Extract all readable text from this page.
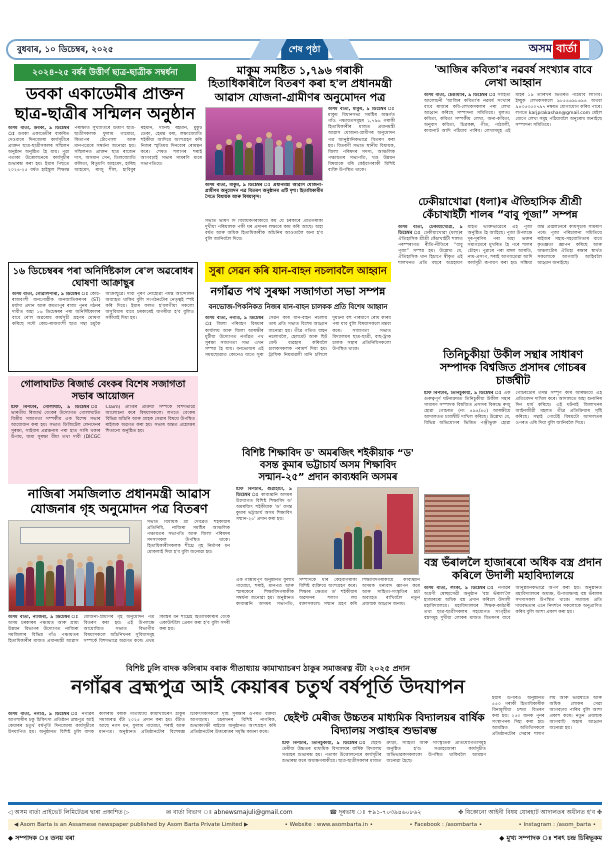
বুধবাৰ, ১০ ডিচেম্বৰ, ২০২৫	শেষ পৃষ্ঠা	অসম বাৰ্তা
২০২৪-২৫ বৰ্ষৰ উত্তীৰ্ণ ছাত্ৰ-ছাত্ৰীক সম্বৰ্ধনা
ডবকা একাডেমীৰ প্ৰাক্তন ছাত্ৰ-ছাত্ৰীৰ সন্মিলন অনুষ্ঠান
অসম বাৰ্তা, ডবকা, ৯ ডিচেম্বৰ ঃ ডবকা একাডেমীৰ বাকৰিত দেওবাৰে দিনজোৰা কাৰ্যসূচীৰে প্ৰাক্তন ছাত্ৰ-ছাত্ৰীসকলৰ সন্মিলন অনুষ্ঠান অনুষ্ঠিত হৈ যায়। পুৱা পতাকা উত্তোলনেৰে কাৰ্যসূচীৰ শুভাৰম্ভ কৰা হয়। ইয়াৰ পিছতে ২০২৪-২৫ বৰ্ষত হাইস্কুল শিক্ষান্ত পৰীক্ষাত সুখ্যাতিৰে উত্তীৰ্ণ ছাত্ৰ-ছাত্ৰীসকলক ফুলাম গামোচা, কিতাপৰ টোপোলা আৰু মানপত্ৰেৰে সম্বৰ্ধনা জনোৱা হয়। সন্মিলনত প্ৰাক্তন ছাত্ৰ ৰাজেন দাস, অসমান সেন, তিলজ্যোতি কলিতা, ৰিতুমণি আহমেদ, হাৰিছ আহমেদ, ৰাজু শীল, হাবিবুৰ ৰহমান, দানিছ ৰহমান, মুকুট ডেকা, হেমন্ত বৰা, লক্ষ্যজ্যোতি শইকীয়া আদিয়ে অংশগ্ৰহণ কৰি নিজৰ স্মৃতিময় দিনবোৰ ৰোমন্থন কৰে। শেষত শলাগৰ শৰাই আগবঢ়াই সভাৰ সামৰণি মাৰে সভাপতিয়ে।
মাকুম সমষ্টিত ১,৭৯৬ গৰাকী হিতাধিকাৰীলৈ বিতৰণ কৰা হ'ল প্ৰধানমন্ত্ৰী আৱাস যোজনা-গ্ৰামীণৰ অনুমোদন পত্ৰ
অসম বাৰ্তা, মাকুম, ৯ ডিচেম্বৰ ঃ প্ৰধানমন্ত্ৰী আৱাস যোজনা-গ্ৰামীণৰ অনুমোদন পত্ৰ বিতৰণ অনুষ্ঠানৰ এটি দৃশ্য। হিতাধিকাৰীৰ সৈতে বিধায়ক আৰু বিষয়াবৃন্দ।
সভাত ভাষণ দি বিধায়কগৰাকীয়ে কয় যে চৰকাৰে প্ৰতিগৰাকী দুখীয়া পৰিয়ালক পকী ঘৰ প্ৰদানৰ লক্ষ্যৰে কাম কৰি আছে। অহা বৰ্ষত আৰু অধিক হিতাধিকাৰীক আঁচনিৰ আওতালৈ অনা হ'ব বুলি জানিবলৈ দিয়ে।
অসম বাৰ্তা, মাকুম, ৯ ডিচেম্বৰ ঃমাকুম বিধানসভা সমষ্টিৰ অন্তৰ্গত গাঁও পঞ্চায়তসমূহৰ ১,৭৯৬ গৰাকী হিতাধিকাৰীৰ মাজত প্ৰধানমন্ত্ৰী আৱাস যোজনা-গ্ৰামীণৰ অনুমোদন পত্ৰ আনুষ্ঠানিকভাৱে বিতৰণ কৰা হয়। বিতৰণী সভাত স্থানীয় বিধায়ক, জিলা পৰিষদৰ সদস্য, আঞ্চলিক পঞ্চায়তৰ সভাপতি, খণ্ড উন্নয়ন বিষয়াকে ধৰি কেইবাগৰাকী বিশিষ্ট ব্যক্তি উপস্থিত থাকে।
'আজিৰ কবিতা'ৰ নৱবৰ্ষ সংখ্যাৰ বাবে লেখা আহ্বান
অসম বাৰ্তা, চেঙামাৰি, ৯ ডিচেম্বৰ ঃ সাহিত্য আলোচনী 'আজিৰ কবিতা'ৰ নৱবৰ্ষ সংখ্যাৰ বাবে ৰাজ্যৰ কবি-লেখকসকলৰ পৰা লেখা আহ্বান কৰিছে সম্পাদনা সমিতিয়ে। মূলতঃ কবিতা, কবিতা সম্পৰ্কীয় লেখা, অনা-কবিতা, অনুবাদ কবিতা, চিত্ৰকল্প, গীত, পাঠ্যালী, কাব্যনাট আদি পঠিয়াব পাৰিব। লেখাসমূহ এই মাহৰ ১৯ তাৰিখৰ ভিতৰত পঠিয়াব লাগিব। ইচ্ছুক লেখকসকলে ৯৮৫৪৬৯৮৬৯৪ অথবা ৯৪৩৫৩৫০৭৯৭ নম্বৰত যোগাযোগ কৰিব পাৰে। লগতে karjprakashan@gmail.com মেইল যোগে লেখা সমূহ পঠিয়াবলৈ অনুৰোধ জনাইছে সম্পাদনা সমিতিয়ে।
ঢেকীয়াখোৱা (ধলা)ৰ ঐতিহাসিক শ্ৰীশ্ৰী কেঁচাখাইটী শালৰ “বাবু পূজা” সম্পন্ন
অসম বাৰ্তা, ঢেকীয়াখোৱা, ৯ ডিচেম্বৰ ঃ ঢেকীয়াখোৱা (ধলা)ৰ ঐতিহাসিক শ্ৰীশ্ৰী কেঁচাখাইটী শালত পৰম্পৰাগত ৰীতি-নীতিৰে “বাবু পূজা” সম্পন্ন হয়। উল্লেখ্য যে, ঐতিহাসিক থান হিচাপে স্বীকৃত এই শালখনত প্ৰতি বছৰে অগ্ৰহায়ণ মাহত ভক্তিভাৱেৰে এই পূজা অনুষ্ঠিত হৈ আহিছে। পূজা উপলক্ষে দূৰ-দূৰণিৰ পৰা অহা ভক্তৰ সমাগমেৰে মুখৰিত হৈ পৰে শালৰ চৌহদ। পুৱাৰে পৰা মঙ্গল আৰতি, নাম-প্ৰসংগ, শৰাই আগবঢ়োৱা আদি কাৰ্যসূচী ৰূপায়ণ কৰা হয়। সন্ধিয়া বন্তি প্ৰজ্বলনেৰে কাৰ্যসূচীৰ সামৰণি পৰে। পূজা পৰিচালনা সমিতিয়ে ৰাইজৰ সহায়-সহযোগিতাৰ বাবে কৃতজ্ঞতা জ্ঞাপন কৰিছে আৰু অঞ্চলটোৰ ঐতিহ্য ৰক্ষাৰ স্বাৰ্থত সকলোকে আগবাঢ়ি আহিবলৈ আহ্বান জনাইছে।
১৬ ডিচেম্বৰৰ পৰা অনিৰ্দিষ্টকাল ৰে'ল অৱৰোধৰ ঘোষণা আক্ৰাছুৰ
অসম বাৰ্তা, গোৱালপাৰা, ৯ ডিচেম্বৰ ঃ কোচ-ৰাজবংশী জনগোষ্ঠীক জনজাতিকৰণৰ (ST) মৰ্যাদা প্ৰদান আৰু কমতাপুৰ ৰাজ্য পুনৰ গঠনৰ দাবীত অহা ১৬ ডিচেম্বৰৰ পৰা অনিৰ্দিষ্টকালৰ বাবে ৰে'ল অৱৰোধ কাৰ্যসূচী গ্ৰহণৰ ঘোষণা কৰিছে সদৌ কোচ-ৰাজবংশী ছাত্ৰ সন্থা চমুকৈ আক্ৰাছুৱে। দাবী পূৰণ নোহোৱা পৰ্যন্ত আন্দোলন অব্যাহত থাকিব বুলি সংগঠনটোৰ নেতৃত্বই স্পষ্ট কৰি দিয়ে। ইয়াৰ ফলত হ'বলগীয়া সকলো অসুবিধাৰ বাবে চৰকাৰেই জগৰীয়া হ'ব বুলিও সকীয়াই দিয়া হয়।
গোলাঘাটত ৰিজাৰ্ভ বেংকৰ বিশেষ সজাগতা সভাৰ আয়োজন
ষ্টাফ ৰিপৰ্টাৰ, গোলাঘাট, ৯ ডিচেম্বৰ ঃভাৰতীয় ৰিজাৰ্ভ বেংকৰ উদ্যোগত গোলাঘাটত বিত্তীয় সজাগতা সম্পৰ্কীয় এক বিশেষ সভাৰ আয়োজন কৰা হয়। সভাত ডিজিটেল লেনদেনৰ সুৰক্ষা, সাইবাৰ প্ৰৱঞ্চনাৰ পৰা হাত সাৰি থকাৰ উপায়, জমা সুৰক্ষা বীমা তথা দাবী (DICGC Claim) প্ৰাপ্তিৰ প্ৰক্ৰিয়া সম্পৰ্কে বিশদভাৱে আলোচনা কৰে বিষয়াসকলে। লগতে বেংকৰ বিভিন্ন আঁচনি আৰু গ্ৰাহক সেৱাৰ বিষয়ে উপস্থিত ৰাইজক অৱগত কৰা হয়। সভাৰ অন্তত প্ৰশ্নোত্তৰ শিতানো অনুষ্ঠিত হয়।
সুৰা সেৱন কৰি যান-বাহন নচলাবলৈ আহ্বান
নগাঁৱত পথ সুৰক্ষা সজাগতা সভা সম্পন্ন
বনভোজ-পিকনিকত নিজৰ যান-বাহন চালকক প্ৰতি বিশেষ আহ্বান
অসম বাৰ্তা, নগাঁও, ৯ ডিচেম্বৰ ঃ জিলা পৰিবহণ বিষয়াৰ কাৰ্যালয় আৰু জিলা আৰক্ষীৰ যুটীয়া উদ্যোগত নগাঁৱত পথ সুৰক্ষা সজাগতা সভা এখন সম্পন্ন হৈ যায়। বনভোজৰ এই সময়ছোৱাত কোনেও যাতে সুৰা সেৱন কৰি যান-বাহন নচলায় তাৰ প্ৰতি সভাত বিশেষ আহ্বান জনোৱা হয়। তীব্ৰ গতিত বাহন নচলাবলৈ, হেলমেট আৰু ছিট বেল্ট ব্যৱহাৰ কৰিবলৈ চালকসকলক পৰামৰ্শ দিয়া হয়। ট্ৰাফিক নিয়মাৱলী মানি চলিলে দুৰ্ঘটনা বহু পৰিমাণে ৰোধ কৰিব পৰা যাব বুলি বিষয়াসকলে মন্তব্য কৰে। সজাগতা সভাত বিদ্যালয়ৰ ছাত্ৰ-ছাত্ৰী, বাছ-ট্ৰাক চালক সন্থাৰ প্ৰতিনিধিসকলো উপস্থিত থাকে।
নাজিৰা সমজিলাত প্ৰধানমন্ত্ৰী আৱাস যোজনাৰ গৃহ অনুমোদন পত্ৰ বিতৰণ
সভাত বিধায়ক শ্ৰী দেবব্ৰত শইকীয়াৰ প্ৰতিনিধি, নাজিৰা সমষ্টিৰ আঞ্চলিক পঞ্চায়তৰ সভাপতি আৰু জিলা পৰিষদৰ সদস্যসকল উপস্থিত থাকে। হিতাধিকাৰীসকলক শীঘ্ৰে গৃহ নিৰ্মাণৰ ধন মোকলাই দিয়া হ'ব বুলি জনোৱা হয়।
অসম বাৰ্তা, নাজিৰা, ৯ ডিচেম্বৰ ঃঅসম চৰকাৰৰ পঞ্চায়ত আৰু গ্ৰাম্য উন্নয়ন বিভাগৰ উদ্যোগত নাজিৰা সমজিলাৰ বিভিন্ন গাঁও পঞ্চায়তৰ হিতাধিকাৰীৰ মাজত প্ৰধানমন্ত্ৰী আৱাস যোজনা-গ্ৰামীণৰ গৃহ অনুমোদন পত্ৰ বিতৰণ কৰা হয়। এই উপলক্ষে আয়োজিত সভাত বিভাগীয় বিষয়াসকলে আঁচনিখনৰ সুবিধাসমূহ সম্পৰ্কে বিশদভাৱে অৱগত কৰে। প্ৰথম কিস্তিৰ ধন শীঘ্ৰেই হিতাধিকাৰীৰ বেংক একাউণ্টলৈ প্ৰেৰণ কৰা হ'ব বুলি সদৰী কৰা হয়।
বিশিষ্ট শিক্ষাবিদ ড' অমৰজিৎ শইকীয়াক “ড' বসন্ত কুমাৰ ভট্টাচাৰ্য অসম শিক্ষাবিদ সন্মান-২৫” প্ৰদান কাব্যধ্বনি অসমৰ
ষ্টাফ ৰিপৰ্টাৰ, গুৱাহাটী, ৯ ডিচেম্বৰ ঃ কাব্যধ্বনি অসমৰ উদ্যোগত বিশিষ্ট শিক্ষাবিদ ড' অমৰজিৎ শইকীয়াক 'ড' বসন্ত কুমাৰ ভট্টাচাৰ্য অসম শিক্ষাবিদ সন্মান-২৫' প্ৰদান কৰা হয়।
এক গাম্ভীৰ্যপূৰ্ণ অনুষ্ঠানত ফুলাম গামোচা, শৰাই, মানপত্ৰ আৰু স্মাৰকেৰে শিক্ষাবিদগৰাকীক সম্বৰ্ধনা জনোৱা হয়। অনুষ্ঠানত কাব্যধ্বনি অসমৰ সভাপতি, সম্পাদকে ধৰি কেইবাগৰাকী বিশিষ্ট ব্যক্তিয়ে অংশগ্ৰহণ কৰে। শিক্ষাৰ ক্ষেত্ৰত ড' শইকীয়াৰ অৱদানৰ শলাগ লয় বক্তাসকলে। সন্মান গ্ৰহণ কৰি শিক্ষাবিদগৰাকীয়ে কাব্যধ্বনি অসমক ধন্যবাদ জ্ঞাপন কৰে আৰু সাহিত্য-সংস্কৃতিৰ চৰ্চা অব্যাহত ৰাখিবলৈ নতুন প্ৰজন্মক আহ্বান জনায়।
তিনিচুকীয়া উকীল সন্থাৰ সাধাৰণ সম্পাদক বিশ্বজিত প্ৰসাদৰ গোচৰৰ চাৰ্জশ্বীট
ষ্টাফ ৰিপৰ্টাৰ, তিনিচুকীয়া, ৯ ডিচেম্বৰ ঃ এক গুৰুত্বপূৰ্ণ ঘটনাক্ৰমত তিনিচুকীয়া উকীল সন্থাৰ সাধাৰণ সম্পাদক বিশ্বজিত প্ৰসাদৰ বিৰুদ্ধে ৰুজু হোৱা গোচৰত (নং ৪৯৪/৪৫) আৰক্ষীয়ে আদালতত চাৰ্জশ্বীট দাখিল কৰিছে। উল্লেখ্য যে, বিভিন্ন অভিযোগৰ ভিত্তিত পঞ্জীভুক্ত হোৱা গোচৰটোৰ তদন্ত সম্পূৰ্ণ কৰি আৰক্ষীয়ে এই প্ৰতিবেদন দাখিল কৰে। আদালতে অহা শুনানিৰ দিন ধাৰ্য কৰিছে। এই ঘটনাই জিলাখনৰ আইনজীৱী মহলত তীব্ৰ প্ৰতিক্ৰিয়াৰ সৃষ্টি কৰিছে। সন্থাই গোটেই বিষয়টো আদালতৰ ওপৰত এৰি দিয়া বুলি জানিবলৈ দিয়ে।
বস্ত্ৰ ভঁৰাললৈ হাজাৰৰো অধিক বস্ত্ৰ প্ৰদান কৰিলে উদালী মহাবিদ্যালয়ে
অসম বাৰ্তা, লংকা, ৯ ডিচেম্বৰ ঃ নগাঁৱৰ অগ্ৰণী স্বেচ্ছাসেৱী অনুষ্ঠান 'বস্ত্ৰ ভঁৰাল'লৈ হাজাৰৰো অধিক বস্ত্ৰ প্ৰদান কৰিলে উদালী মহাবিদ্যালয়ে। মহাবিদ্যালয়ৰ শিক্ষক-কৰ্মচাৰী তথা ছাত্ৰ-ছাত্ৰীসকলৰ সহযোগত সংগৃহীত বস্ত্ৰসমূহ দুখীয়া লোকৰ মাজত বিতৰণৰ বাবে আনুষ্ঠানিকভাৱে অৰ্পণ কৰা হয়। অনুষ্ঠানত মহাবিদ্যালয়ৰ অধ্যক্ষ, উপাধ্যক্ষসহ বস্ত্ৰ ভঁৰালৰ সদস্যসকল উপস্থিত থাকে। সমাজৰ প্ৰতি দায়বদ্ধতাৰ এনে নিদৰ্শনে সকলোকে অনুপ্ৰাণিত কৰিব বুলি আশা প্ৰকাশ কৰা হয়।
বিশিষ্ট ঢুলি বাদক কলিৰাম বৰাক গীতাধ্যায় কামাখ্যাচৰণ ঠাকুৰ সমাজৰত্ন বঁটা ২০২৫ প্ৰদান
নগাঁৱৰ ব্ৰহ্মপুত্ৰ আই কেয়াৰৰ চতুৰ্থ বৰ্ষপূৰ্তি উদযাপন
অসম বাৰ্তা, নগাঁও, ৯ ডিচেম্বৰ ঃ নগাঁৱৰ আগশাৰীৰ চকু চিকিৎসা প্ৰতিষ্ঠান ব্ৰহ্মপুত্ৰ আই কেয়াৰৰ চতুৰ্থ বৰ্ষপূৰ্তি দিনজোৰা কাৰ্যসূচীৰে উদযাপিত হয়। অনুষ্ঠানত বিশিষ্ট ঢুলি বাদক কলিৰাম বৰাক গীতাধ্যায় কামাখ্যাচৰণ ঠাকুৰ সমাজৰত্ন বঁটা ২০২৫ প্ৰদান কৰা হয়। বঁটাত আছে নগদ ধন, ফুলাম গামোচা, শৰাই আৰু মানপত্ৰ। অনুষ্ঠানত প্ৰতিষ্ঠানটোৰ বিশেষজ্ঞ চিকিৎসকসকলে দৃষ্টি সুৰক্ষাৰ ওপৰত বক্তব্য আগবঢ়ায়। চহৰখনৰ বিশিষ্ট নাগৰিক, শুভাকাংক্ষী ৰাইজে অনুষ্ঠানত অংশগ্ৰহণ কৰি প্ৰতিষ্ঠানটোৰ উত্তৰোত্তৰ সমৃদ্ধি কামনা কৰে।
ছেইণ্ট মেৰীজ উচ্চতৰ মাধ্যমিক বিদ্যালয়ৰ বাৰ্ষিক বিদ্যালয় সপ্তাহৰ শুভাৰম্ভ
ষ্টাফ ৰিপৰ্টাৰ, তিনিচুকীয়া, ৯ ডিচেম্বৰ ঃ ছেইণ্ট মেৰীজ উচ্চতৰ মাধ্যমিক বিদ্যালয়ৰ বাৰ্ষিক বিদ্যালয় সপ্তাহৰ শুভাৰম্ভ হয়। পতাকা উত্তোলনেৰে কাৰ্যসূচীৰ শুভাৰম্ভ কৰে অধ্যক্ষগৰাকীয়ে। ছাত্ৰ-ছাত্ৰীসকলৰ মাজত ক্ৰীড়া, সাহিত্য আৰু সাংস্কৃতিক প্ৰতিযোগিতাসমূহ অনুষ্ঠিত হ'ব। সপ্তাহজোৰা কাৰ্যসূচীত অভিভাৱকসকলকো উপস্থিত থাকিবলৈ আমন্ত্ৰণ জনোৱা হৈছে।
ইয়াৰ উপৰিও অনুষ্ঠানত ৫৫০ গৰাকী হিতাধিকাৰীক বিনামূলীয়া চশমা বিতৰণ কৰা হয়। ২৫০ জনক পুনৰ সংস্থাপনৰ দিহা কৰা হয়। আমন্ত্ৰিত অতিথিসকলে প্ৰতিষ্ঠানটোৰ সেৱাৰ শলাগ লয় আৰু ভৱিষ্যতে আৰু অধিক লোকৰ সেৱা আগবঢ়াব পাৰিব বুলি আশা প্ৰকাশ কৰে। নতুন প্ৰজন্মক আগবাঢ়ি অহাৰ আহ্বান জনোৱা হয়।
◁ অসম বাৰ্তা প্ৰাইভেট লিমিটেডৰ দ্বাৰা প্ৰকাশিত ▷	✉ বাৰ্তা বিভাগ ঃ abnewsmajuli@gmail.com	☎ দূৰভাষ ঃ +৯১-৭০৩৯৪৬০৮৬২	✤ যিকোনো আইনী বিষয় যোৰহাট আদালতৰ অধীনত হ'ব ✤
◀ Asom Barta is an Assamese newspaper published by Asom Barta Private Limited ▶	• Website : www.asombarta.in •	• Facebook : /asombarta •	• Instagram : /asom_barta •
◆ সম্পাদক ঃ তনয় বৰা	◆ মুখ্য সম্পাদক ঃ শৰৎ চন্দ্ৰ চিৰিভূকম
